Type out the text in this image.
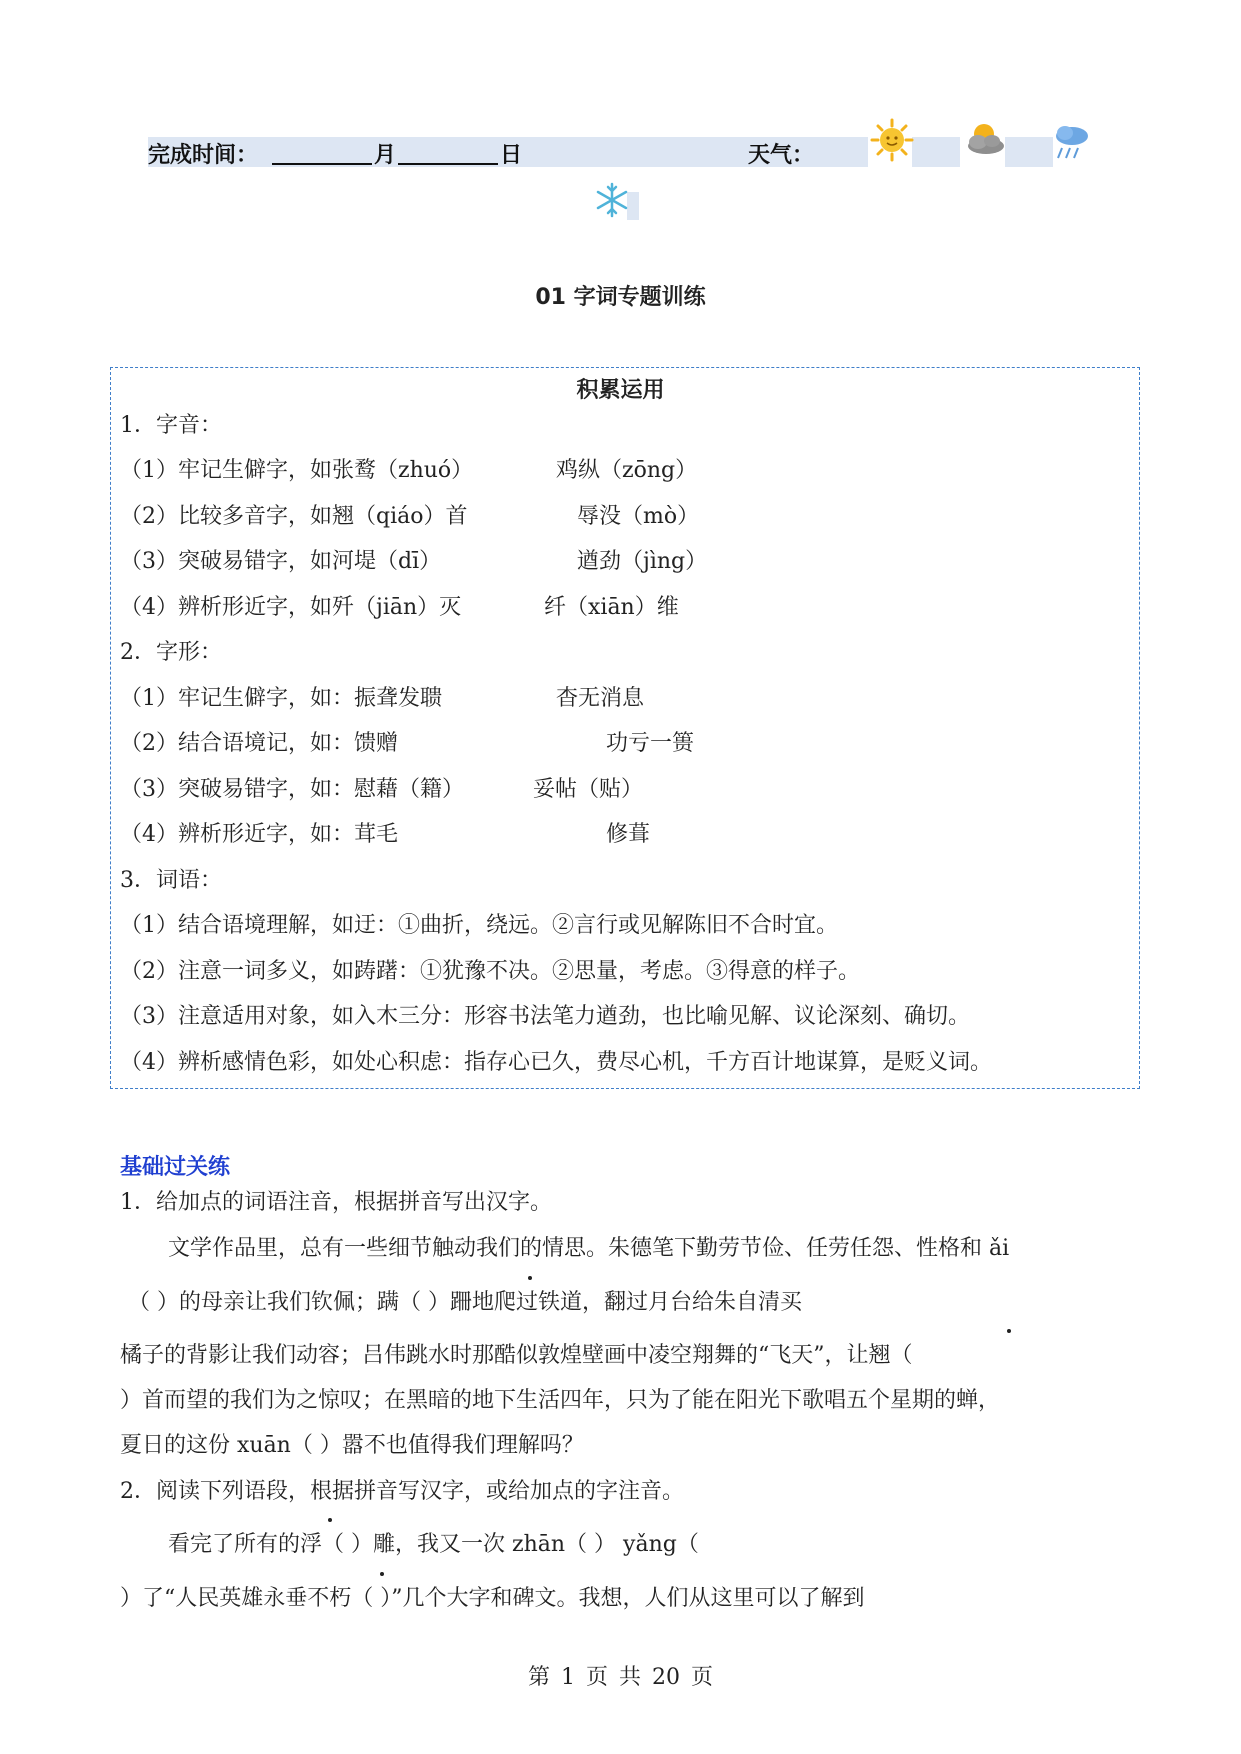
完成时间：	月	日	天气：
01 字词专题训练
积累运用
1．字音：
（1）牢记生僻字，如张鹜（zhuó）	鸡纵（zōng）
（2）比较多音字，如翘（qiáo）首	辱没（mò）
（3）突破易错字，如河堤（dī）	遒劲（jìng）
（4）辨析形近字，如歼（jiān）灭	纤（xiān）维
2．字形：
（1）牢记生僻字，如：振聋发聩	杳无消息
（2）结合语境记，如：馈赠	功亏一篑
（3）突破易错字，如：慰藉（籍）	妥帖（贴）
（4）辨析形近字，如：茸毛	修葺
3．词语：
（1）结合语境理解，如迂：①曲折，绕远。②言行或见解陈旧不合时宜。
（2）注意一词多义，如踌躇：①犹豫不决。②思量，考虑。③得意的样子。
（3）注意适用对象，如入木三分：形容书法笔力遒劲，也比喻见解、议论深刻、确切。
（4）辨析感情色彩，如处心积虑：指存心已久，费尽心机，千方百计地谋算，是贬义词。
基础过关练
1．给加点的词语注音，根据拼音写出汉字。
文学作品里，总有一些细节触动我们的情思。朱德笔下勤劳节俭、任劳任怨、性格和 ǎi
（ ）的母亲让我们钦佩；蹒（ ）跚地爬过铁道，翻过月台给朱自清买
橘子的背影让我们动容；吕伟跳水时那酷似敦煌壁画中凌空翔舞的“飞天”，让翘（
）首而望的我们为之惊叹；在黑暗的地下生活四年，只为了能在阳光下歌唱五个星期的蝉，
夏日的这份 xuān（ ）嚣不也值得我们理解吗？
2．阅读下列语段，根据拼音写汉字，或给加点的字注音。
看完了所有的浮（ ）雕，我又一次 zhān（ ） yǎng（
）了“人民英雄永垂不朽（ ）”几个大字和碑文。我想，人们从这里可以了解到
第 1 页 共 20 页
